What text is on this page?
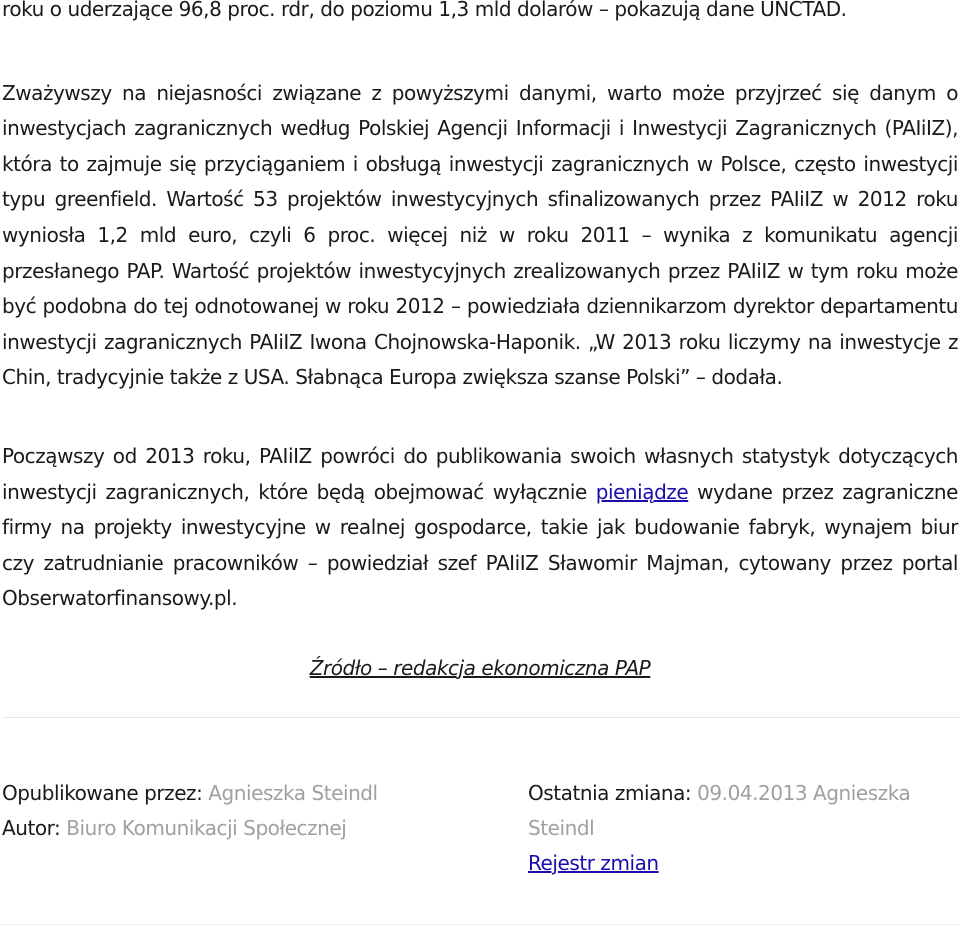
roku o uderzające 96,8 proc. rdr, do poziomu 1,3 mld dolarów – pokazują dane UNCTAD.

Zważywszy na niejasności związane z powyższymi danymi, warto może przyjrzeć się danym o inwestycjach zagranicznych według Polskiej Agencji Informacji i Inwestycji Zagranicznych (PAIiIZ), która to zajmuje się przyciąganiem i obsługą inwestycji zagranicznych w Polsce, często inwestycji typu greenfield. Wartość 53 projektów inwestycyjnych sfinalizowanych przez PAIiIZ w 2012 roku wyniosła 1,2 mld euro, czyli 6 proc. więcej niż w roku 2011 – wynika z komunikatu agencji przesłanego PAP. Wartość projektów inwestycyjnych zrealizowanych przez PAIiIZ w tym roku może być podobna do tej odnotowanej w roku 2012 – powiedziała dziennikarzom dyrektor departamentu inwestycji zagranicznych PAIiIZ Iwona Chojnowska-Haponik. „W 2013 roku liczymy na inwestycje z Chin, tradycyjnie także z USA. Słabnąca Europa zwiększa szanse Polski” – dodała.

Począwszy od 2013 roku, PAIiIZ powróci do publikowania swoich własnych statystyk dotyczących inwestycji zagranicznych, które będą obejmować wyłącznie pieniądze wydane przez zagraniczne firmy na projekty inwestycyjne w realnej gospodarce, takie jak budowanie fabryk, wynajem biur czy zatrudnianie pracowników – powiedział szef PAIiIZ Sławomir Majman, cytowany przez portal Obserwatorfinansowy.pl.

Źródło – redakcja ekonomiczna PAP
Opublikowane przez: Agnieszka Steindl
Autor: Biuro Komunikacji Społecznej
Ostatnia zmiana: 09.04.2013 Agnieszka Steindl
Rejestr zmian
